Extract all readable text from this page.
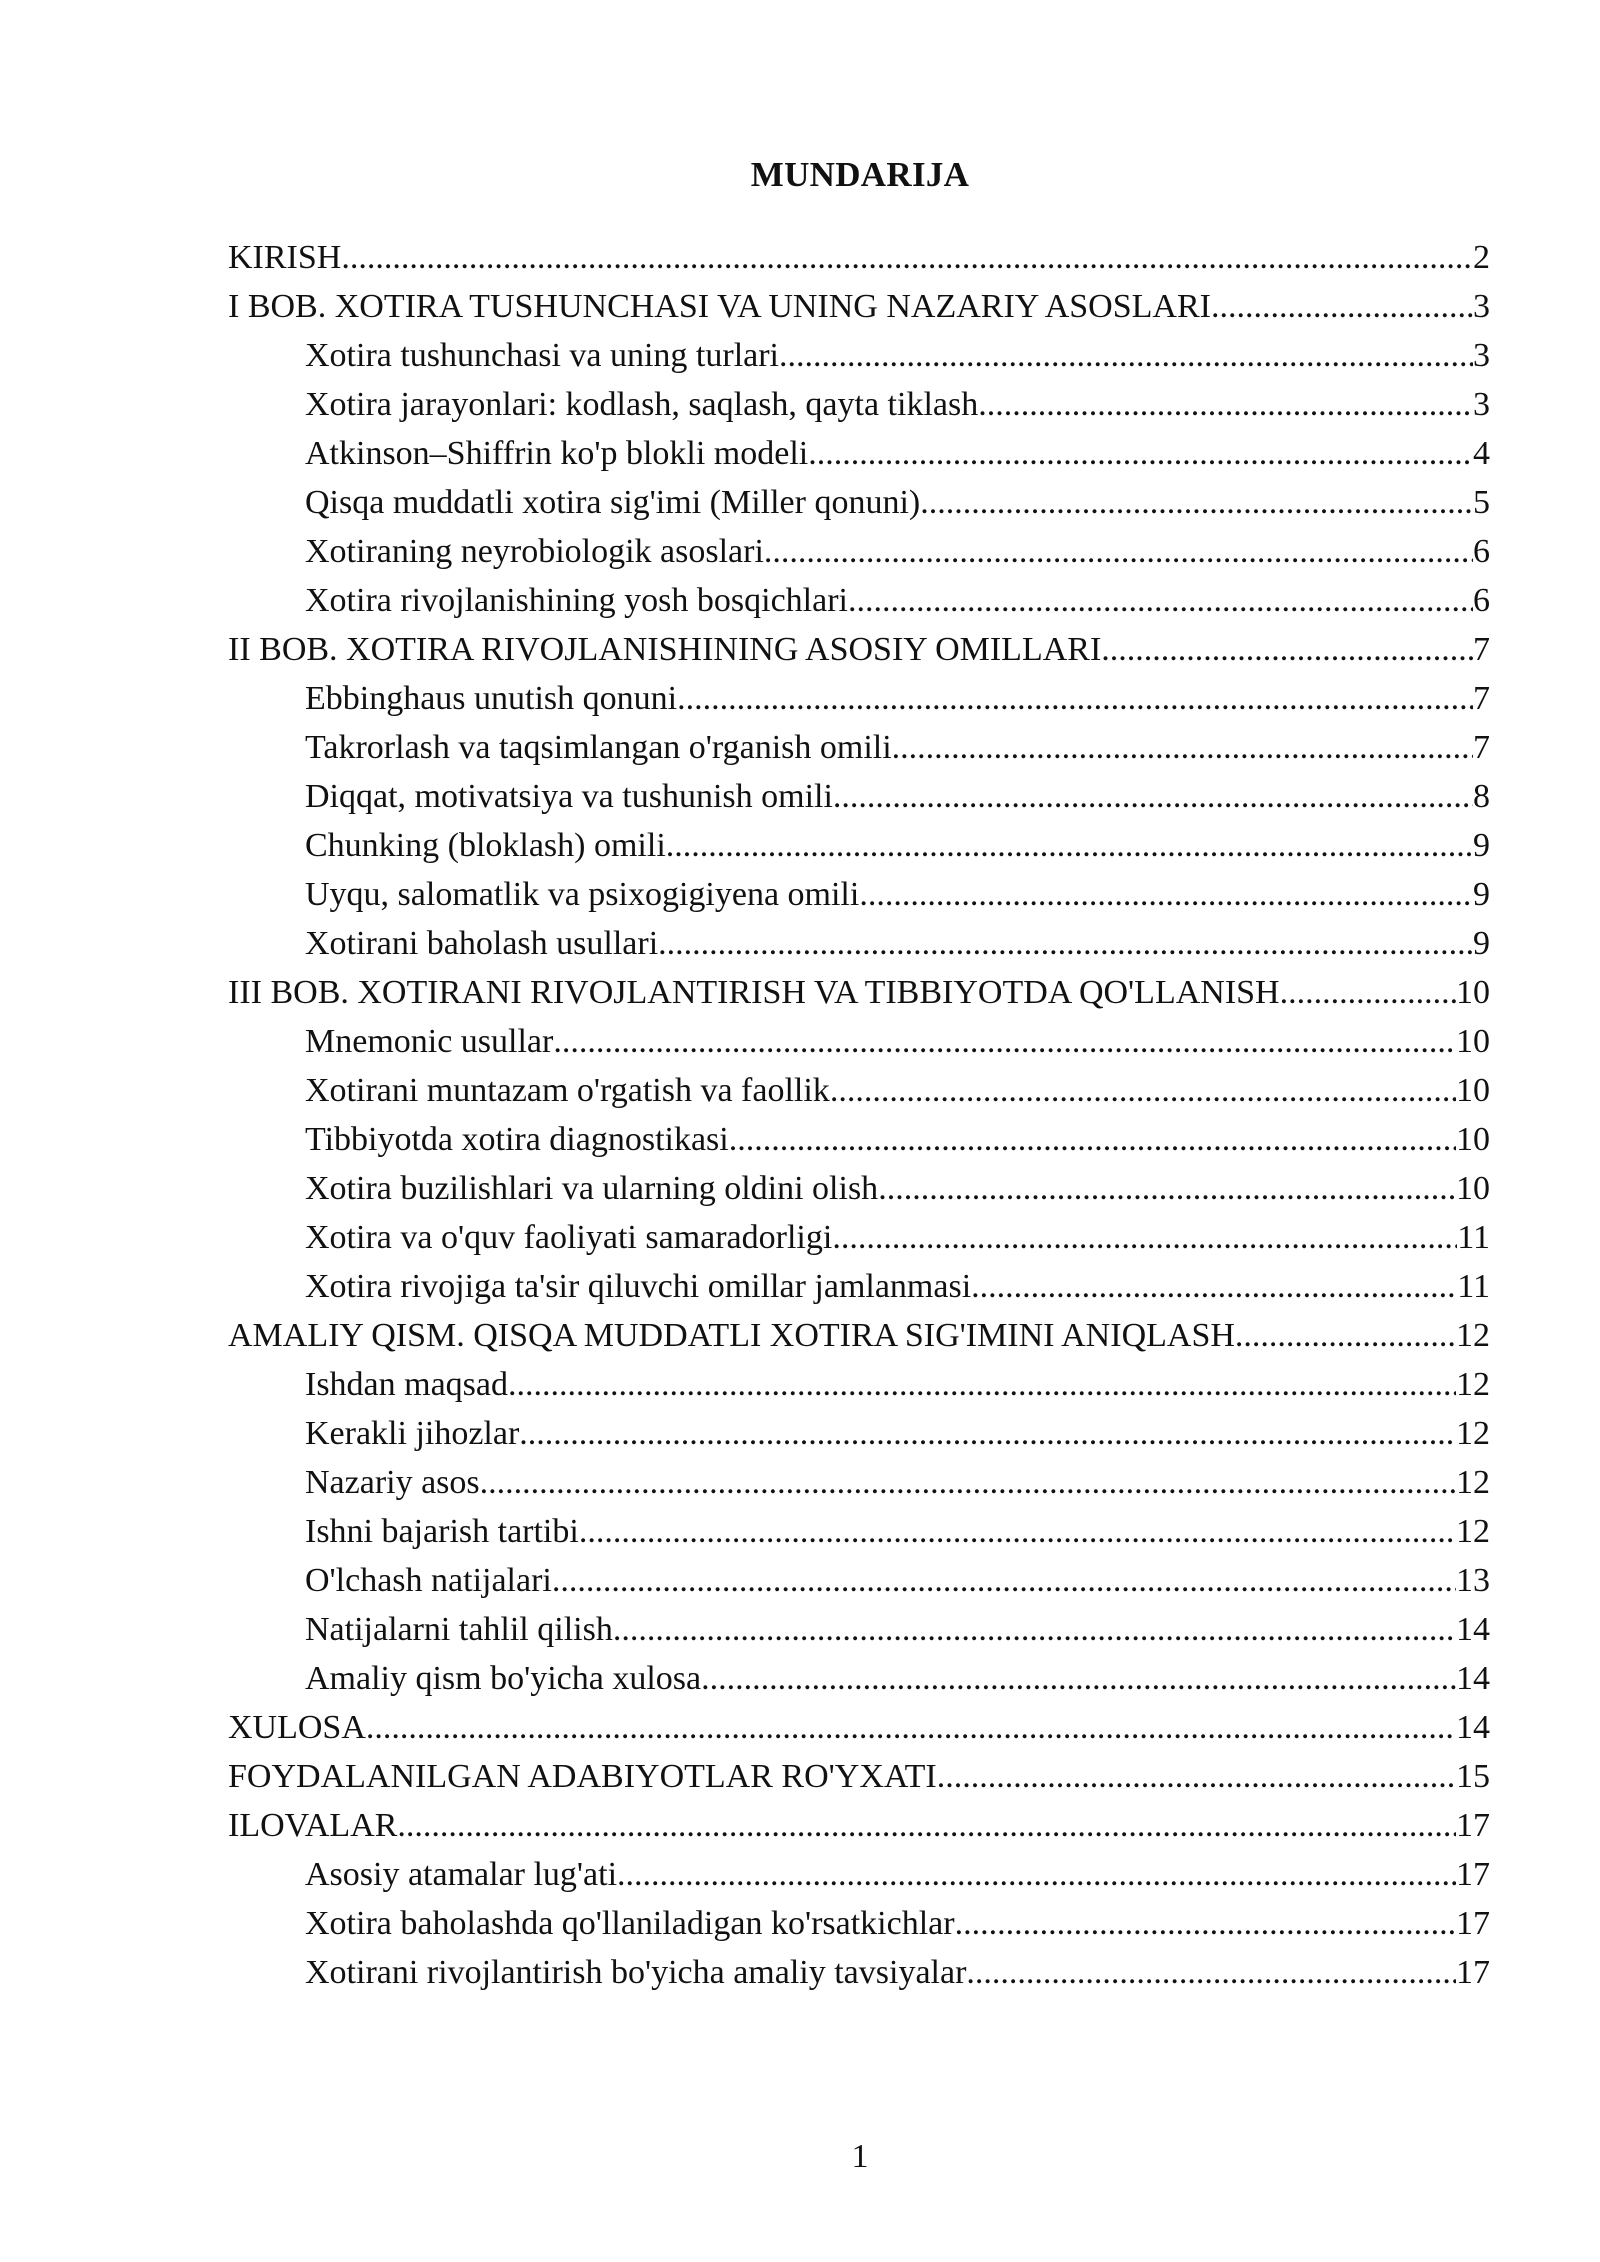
MUNDARIJA
KIRISH .....	2
I BOB. XOTIRA TUSHUNCHASI VA UNING NAZARIY ASOSLARI .....	3
Xotira tushunchasi va uning turlari .....	3
Xotira jarayonlari: kodlash, saqlash, qayta tiklash .....	3
Atkinson–Shiffrin ko'p blokli modeli .....	4
Qisqa muddatli xotira sig'imi (Miller qonuni) .....	5
Xotiraning neyrobiologik asoslari .....	6
Xotira rivojlanishining yosh bosqichlari .....	6
II BOB. XOTIRA RIVOJLANISHINING ASOSIY OMILLARI .....	7
Ebbinghaus unutish qonuni .....	7
Takrorlash va taqsimlangan o'rganish omili .....	7
Diqqat, motivatsiya va tushunish omili .....	8
Chunking (bloklash) omili .....	9
Uyqu, salomatlik va psixogigiyena omili .....	9
Xotirani baholash usullari .....	9
III BOB. XOTIRANI RIVOJLANTIRISH VA TIBBIYOTDA QO'LLANISH .....	10
Mnemonic usullar .....	10
Xotirani muntazam o'rgatish va faollik .....	10
Tibbiyotda xotira diagnostikasi .....	10
Xotira buzilishlari va ularning oldini olish .....	10
Xotira va o'quv faoliyati samaradorligi .....	11
Xotira rivojiga ta'sir qiluvchi omillar jamlanmasi .....	11
AMALIY QISM. QISQA MUDDATLI XOTIRA SIG'IMINI ANIQLASH .....	12
Ishdan maqsad .....	12
Kerakli jihozlar .....	12
Nazariy asos .....	12
Ishni bajarish tartibi .....	12
O'lchash natijalari .....	13
Natijalarni tahlil qilish .....	14
Amaliy qism bo'yicha xulosa .....	14
XULOSA .....	14
FOYDALANILGAN ADABIYOTLAR RO'YXATI .....	15
ILOVALAR .....	17
Asosiy atamalar lug'ati .....	17
Xotira baholashda qo'llaniladigan ko'rsatkichlar .....	17
Xotirani rivojlantirish bo'yicha amaliy tavsiyalar .....	17
1
